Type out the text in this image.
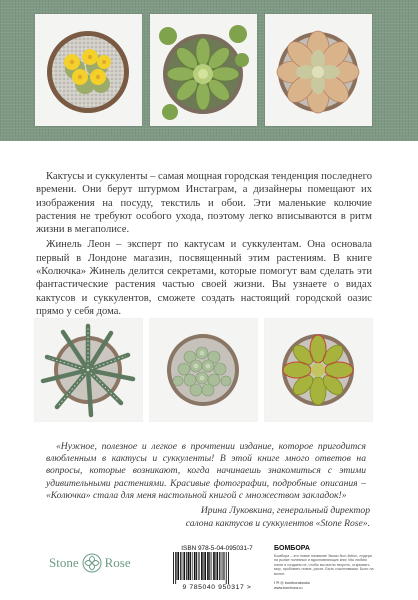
Кактусы и суккуленты – самая мощная городская тенденция последнего времени. Они берут штурмом Инстаграм, а дизайнеры помещают их изображения на посуду, текстиль и обои. Эти маленькие колючие растения не требуют особого ухода, поэтому легко вписываются в ритм жизни в мегаполисе.

Жинель Леон – эксперт по кактусам и суккулентам. Она основала первый в Лондоне магазин, посвященный этим растениям. В книге «Колючка» Жинель делится секретами, которые помогут вам сделать эти фантастические растения частью своей жизни. Вы узнаете о видах кактусов и суккулентов, сможете создать настоящий городской оазис прямо у себя дома.

«Нужное, полезное и легкое в прочтении издание, которое пригодится влюбленным в кактусы и суккуленты! В этой книге много ответов на вопросы, которые возникают, когда начинаешь знакомиться с этими удивительными растениями. Красивые фотографии, подробные описания – «Колючка» стала для меня настольной книгой с множеством закладок!»

Ирина Луковкина, генеральный директор
салона кактусов и суккулентов «Stone Rose».
Stone Rose
ISBN 978-5-04-095031-7
9 785040 950317 >
БОМБОРА
Бомбора – это новое название Эксмо Non-fiction, лидера на рынке полезных и вдохновляющих книг. Мы любим книги и создаем их, чтобы вы могли творить, открывать мир, пробовать новое, расти. Быть счастливыми. Быть на волне.
f ✉ ◎ bomborabooks
www.bombora.ru
